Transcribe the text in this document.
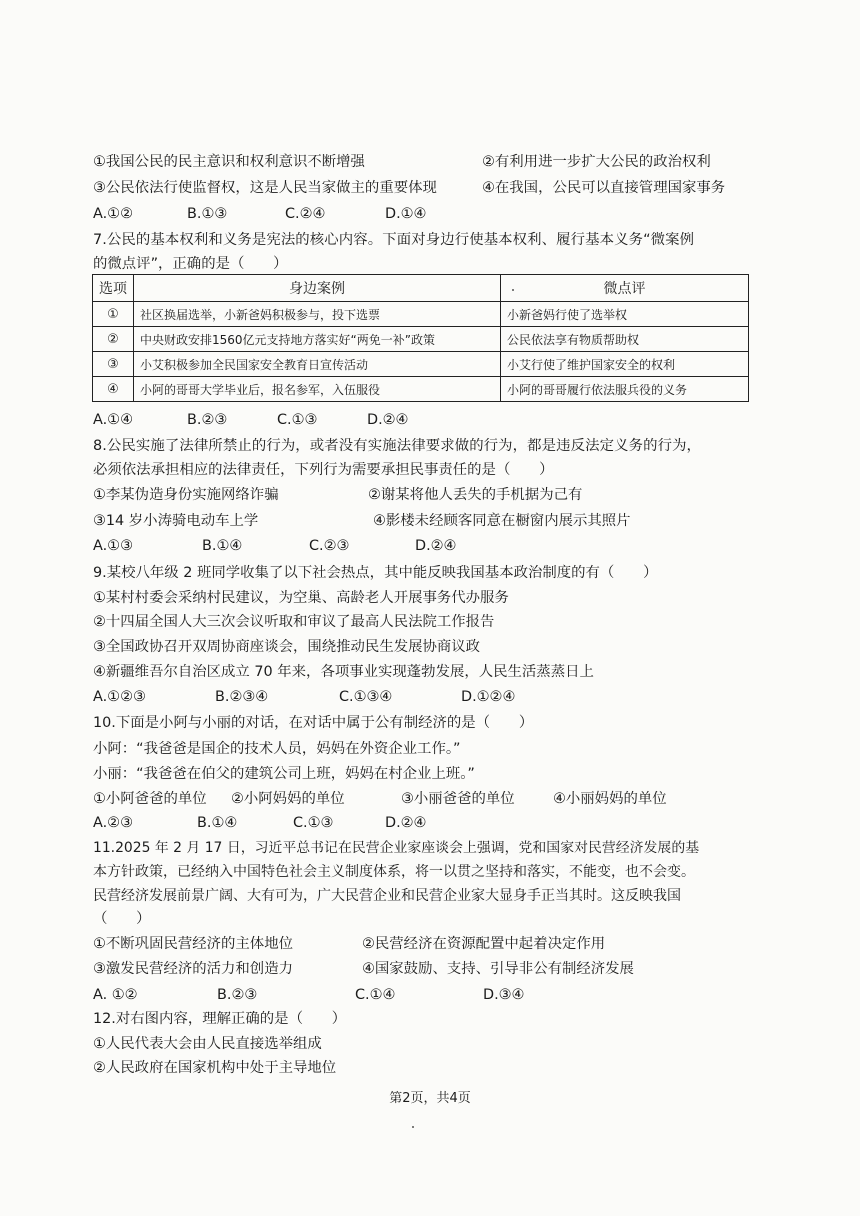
①我国公民的民主意识和权利意识不断增强	②有利用进一步扩大公民的政治权利
③公民依法行使监督权，这是人民当家做主的重要体现	④在我国，公民可以直接管理国家事务
A.①②	B.①③	C.②④	D.①④
7.公民的基本权利和义务是宪法的核心内容。下面对身边行使基本权利、履行基本义务“微案例
的微点评”，正确的是（　　）
选项	身边案例	微点评
①	社区换届选举，小新爸妈积极参与，投下选票	小新爸妈行使了选举权
②	中央财政安排1560亿元支持地方落实好“两免一补”政策	公民依法享有物质帮助权
③	小艾积极参加全民国家安全教育日宣传活动	小艾行使了维护国家安全的权利
④	小阿的哥哥大学毕业后，报名参军，入伍服役	小阿的哥哥履行依法服兵役的义务
A.①④	B.②③	C.①③	D.②④
8.公民实施了法律所禁止的行为，或者没有实施法律要求做的行为，都是违反法定义务的行为，
必须依法承担相应的法律责任，下列行为需要承担民事责任的是（　　）
①李某伪造身份实施网络诈骗	②谢某将他人丢失的手机据为己有
③14 岁小涛骑电动车上学	④影楼未经顾客同意在橱窗内展示其照片
A.①③	B.①④	C.②③	D.②④
9.某校八年级 2 班同学收集了以下社会热点，其中能反映我国基本政治制度的有（　　）
①某村村委会采纳村民建议，为空巢、高龄老人开展事务代办服务
②十四届全国人大三次会议听取和审议了最高人民法院工作报告
③全国政协召开双周协商座谈会，围绕推动民生发展协商议政
④新疆维吾尔自治区成立 70 年来，各项事业实现蓬勃发展，人民生活蒸蒸日上
A.①②③	B.②③④	C.①③④	D.①②④
10.下面是小阿与小丽的对话，在对话中属于公有制经济的是（　　）
小阿：“我爸爸是国企的技术人员，妈妈在外资企业工作。”
小丽：“我爸爸在伯父的建筑公司上班，妈妈在村企业上班。”
①小阿爸爸的单位 ②小阿妈妈的单位	③小丽爸爸的单位	④小丽妈妈的单位
A.②③	B.①④	C.①③	D.②④
11.2025 年 2 月 17 日，习近平总书记在民营企业家座谈会上强调，党和国家对民营经济发展的基
本方针政策，已经纳入中国特色社会主义制度体系，将一以贯之坚持和落实，不能变，也不会变。
民营经济发展前景广阔、大有可为，广大民营企业和民营企业家大显身手正当其时。这反映我国
（　　）
①不断巩固民营经济的主体地位	②民营经济在资源配置中起着决定作用
③激发民营经济的活力和创造力	④国家鼓励、支持、引导非公有制经济发展
A. ①②	B.②③	C.①④	D.③④
12.对右图内容，理解正确的是（　　）
①人民代表大会由人民直接选举组成
②人民政府在国家机构中处于主导地位
第2页，共4页
